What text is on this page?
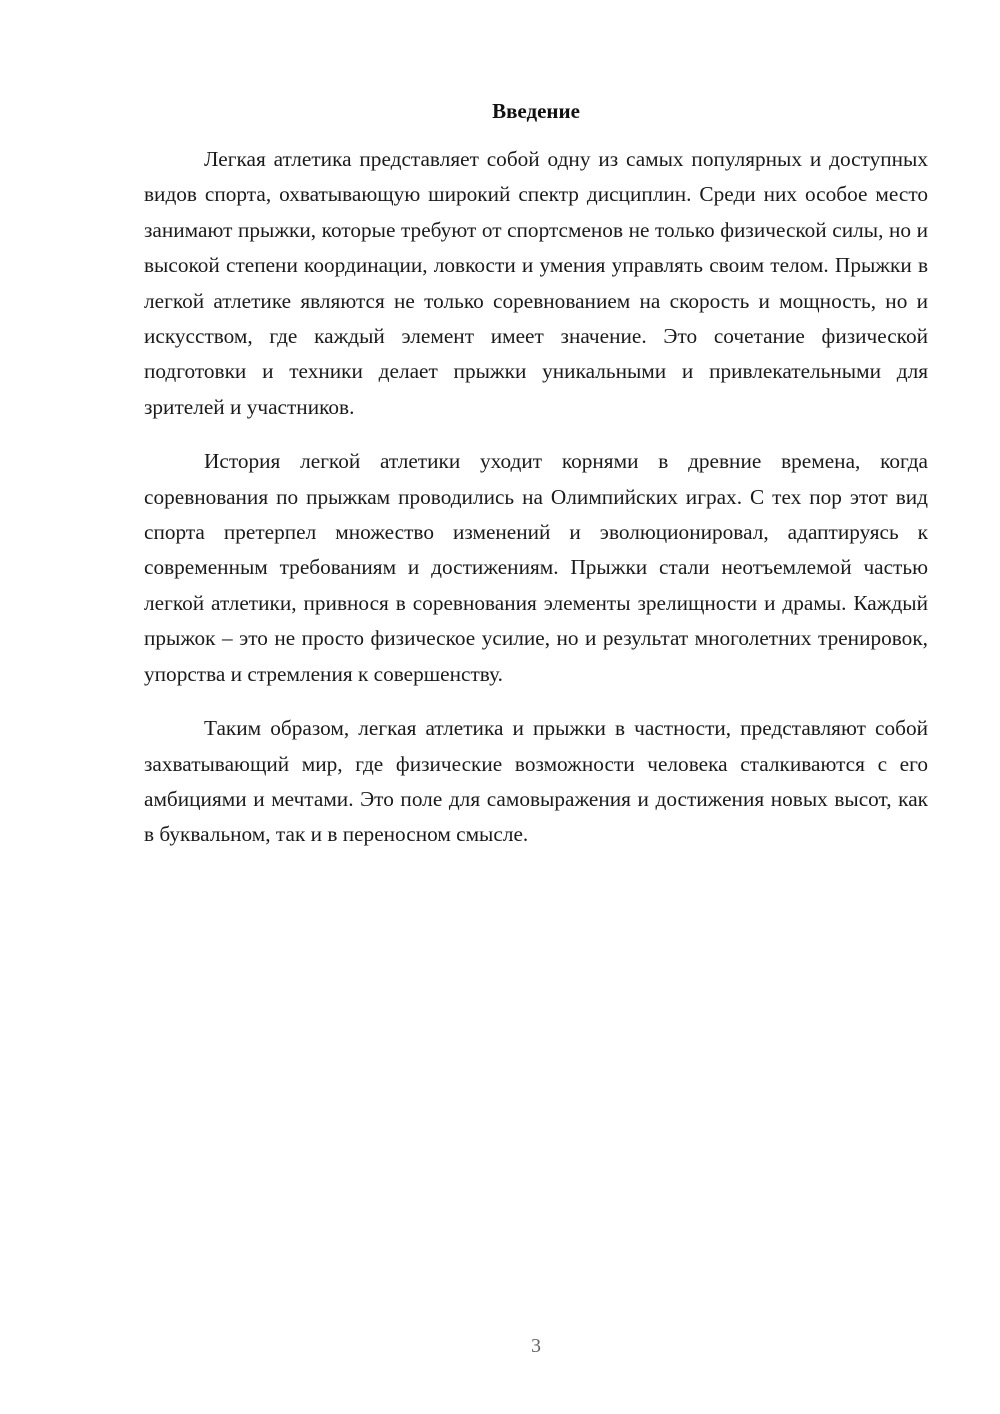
Введение

Легкая атлетика представляет собой одну из самых популярных и доступных видов спорта, охватывающую широкий спектр дисциплин. Среди них особое место занимают прыжки, которые требуют от спортсменов не только физической силы, но и высокой степени координации, ловкости и умения управлять своим телом. Прыжки в легкой атлетике являются не только соревнованием на скорость и мощность, но и искусством, где каждый элемент имеет значение. Это сочетание физической подготовки и техники делает прыжки уникальными и привлекательными для зрителей и участников.

История легкой атлетики уходит корнями в древние времена, когда соревнования по прыжкам проводились на Олимпийских играх. С тех пор этот вид спорта претерпел множество изменений и эволюционировал, адаптируясь к современным требованиям и достижениям. Прыжки стали неотъемлемой частью легкой атлетики, привнося в соревнования элементы зрелищности и драмы. Каждый прыжок – это не просто физическое усилие, но и результат многолетних тренировок, упорства и стремления к совершенству.

Таким образом, легкая атлетика и прыжки в частности, представляют собой захватывающий мир, где физические возможности человека сталкиваются с его амбициями и мечтами. Это поле для самовыражения и достижения новых высот, как в буквальном, так и в переносном смысле.

3
